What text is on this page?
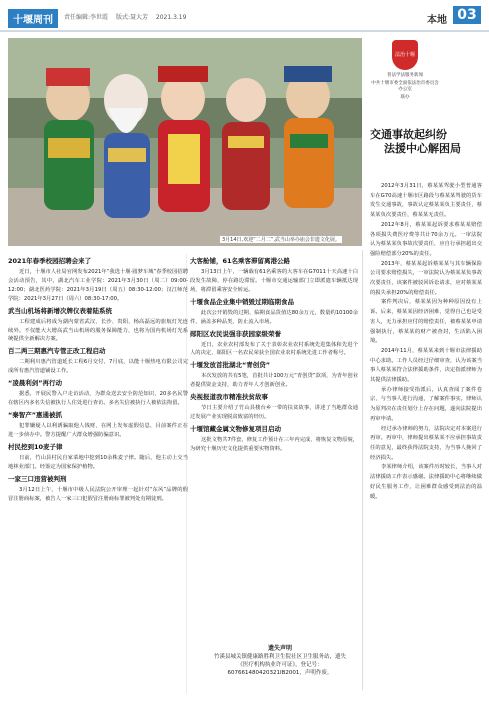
十堰周刊	责任编辑:李世霞 版式:聂大芳 2021.3.19	本地 03
3月14日,欢迎“二月二”,武当山举办庙会非遗文化展。
法治十堰
普法学法服务新闻
中共十堰市委全面依法治市委员会办公室
联办
交通事故起纠纷
法援中心解困局

2012年3月31日，蔡某某驾驶小型普通客车在G70高速十堰市区路段与蔡某某驾驶的货车发生交通事故，事故认定蔡某某负主要责任，蔡某某负次要责任，蔡某某无责任。

2012年8月，蔡某某起诉要求蔡某某赔偿各项损失费医疗费等共计70余万元。一审法院认为蔡某某负事故次要责任，应自行承担超出交强险赔偿部分20%的责任。

2013年，蔡某某起诉蔡某某与其车辆保险公司要求赔偿损失，一审法院认为蔡某某负事故次要责任，该案件被驳回诉讼请求，应对蔡某某的损失承担20%的赔偿责任。

案件判决后，蔡某某因为种种原因没有上诉。后来，蔡某某因经济困难，觉得自己也是受害人，无力承担应付的赔偿责任，被蔡某某申请强制执行，蔡某某的财产被查封，生活陷入困境。

2014年11月，蔡某某来到十堰市法律援助中心求助。工作人员经过仔细审查，认为该案当事人蔡某某符合法律援助条件，决定指派律师为其提供法律援助。

承办律师接受指派后，认真查阅了案件卷宗，与当事人进行沟通，了解案件事实。律师认为原判决在责任划分上存在问题，遂向法院提出再审申请。

经过承办律师的努力，法院决定对本案进行再审。再审中，律师提出蔡某某不应承担事故责任的意见，最终获得法院支持，为当事人挽回了经济损失。

李某律师介绍，该案件历时较长，当事人对法律援助工作表示感谢。法律援助中心将继续做好民生服务工作，让困难群众感受到法治的温暖。

2021年春季校园招聘会来了

近日，十堰市人社局官网发布2021年“我选十堰·圆梦车城”春季校园招聘会活动预告，其中，湖北汽车工业学院：2021年3月30日（周二）09:00-12:00；湖北医药学院：2021年3月19日（周五）08:30-12:00；汉江师范学院：2021年3月27日（周六）08:30-17:00。

武当山机场将新增次牌仪表着陆系统

工程建成后将成为湖内蒙省武汉、长沙、贵阳、杨高磊远的旅航灯光连续外。不仅能大大增高武当山机场的服务保障能力，也将为国内机场灯光系统提供全新解决方案。

百二两三期惠汽专管正改工程启动

二期利川惠汽管道延长工程6月交付，7月底，以能十堰热电有限公司完成所有惠汽管道铺设工作。

“凌晨利剑”再行动

据悉，开展民警入户走访活动，为群众送去安全防范知识，20多名民警在辖区内多名失信被执行人住处进行查访。多名失信被执行人被依法拘留。

“秦智产”惠通被抓

犯罪嫌疑人以利诱骗取他人钱财，在网上发布虚假信息，目前案件正在进一步侦办中。警方提醒广大群众增强防骗意识。

村民挖到10麦子律

日前，竹山县村民自家菜地中挖到10余株麦子律。随后，他主动上交当地林业部门。经鉴定为国家保护植物。

一家三口违营被判刑

3月12日上午，十堰市中级人民法院公开审理一起针对“东风”品牌的假冒注册商标案，被告人一家三口犯假冒注册商标罪被判处有期徒刑。

大客舱铺，61名乘客滞留离港公路

3月13日上午，一辆载有61名乘客的大客车在G7011十天高速十白段发生故障，停在路边滞留。十堰市交通运输部门立即派遣车辆抵达现场，将滞留乘客安全转运。

十堰食品企业集中销毁过期临期食品

此次公开销毁的过期、临期食品货值达80余万元，数量约10100余件，涵盖多种品类，防止流入市场。

郧阳区农民说强非获园家级荣誉

近日，农业农村部发布了关于表彰农业农村系统先进集体和先进个人的决定，郧阳区一名农民荣获全国农业农村系统先进工作者称号。

十堰发放首批湖北“青创贷”

本次发放的共有5笔，首批共计100万元“青创贷”款项，为青年创业者提供资金支持，助力青年人才创新创业。

央视报道我市精准扶贫故事

节日主要介绍了竹山县楼台乡一带的扶贫故事，讲述了当地群众通过发展产业实现脱贫致富的经历。

十堰馆藏金属文物修复项目启动

这批文物共7件套，修复工作预计在三年内完成，将恢复文物原貌，为研究十堰历史文化提供重要实物资料。

遗失声明
竹溪县城关镇健康路胜利卫生院社区卫生服务站，遗失《医疗机构执业许可证》，登记号：607661480420321IB2001，声明作废。
